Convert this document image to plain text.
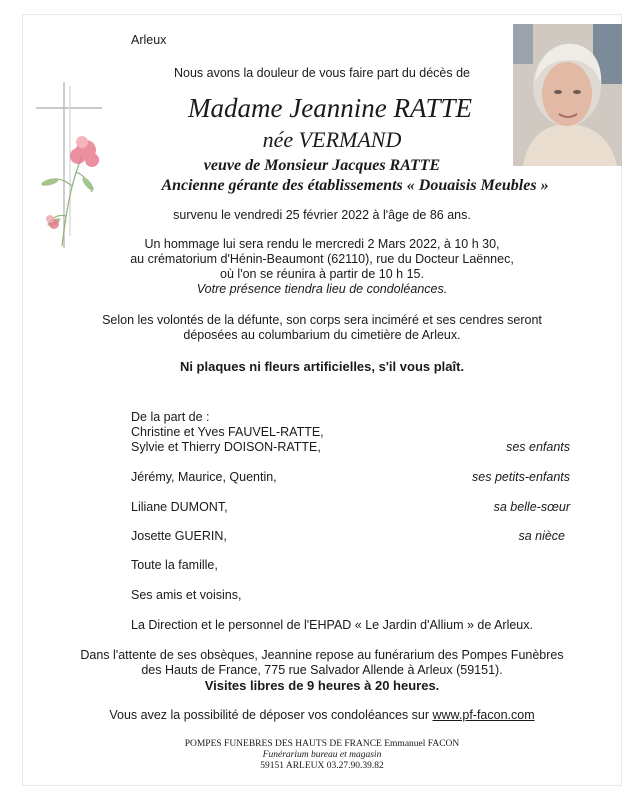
Arleux
Nous avons la douleur de vous faire part du décès de
Madame Jeannine RATTE
née VERMAND
veuve de Monsieur Jacques RATTE
Ancienne gérante des établissements « Douaisis Meubles »
survenu le vendredi 25 février 2022 à l'âge de 86 ans.
Un hommage lui sera rendu le mercredi 2 Mars 2022, à 10 h 30,
au crématorium d'Hénin-Beaumont (62110), rue du Docteur Laënnec,
où l'on se réunira à partir de 10 h 15.
Votre présence tiendra lieu de condoléances.
Selon les volontés de la défunte, son corps sera inciméré et ses cendres seront
déposées au columbarium du cimetière de Arleux.
Ni plaques ni fleurs artificielles, s'il vous plaît.
De la part de :
Christine et Yves FAUVEL-RATTE,
Sylvie et Thierry DOISON-RATTE,	ses enfants
Jérémy, Maurice, Quentin,	ses petits-enfants
Liliane DUMONT,	sa belle-sœur
Josette GUERIN,	sa nièce
Toute la famille,
Ses amis et voisins,
La Direction et le personnel de l'EHPAD « Le Jardin d'Allium » de Arleux.
Dans l'attente de ses obsèques, Jeannine repose au funérarium des Pompes Funèbres
des Hauts de France, 775 rue Salvador Allende à Arleux (59151).
Visites libres de 9 heures à 20 heures.
Vous avez la possibilité de déposer vos condoléances sur www.pf-facon.com
POMPES FUNEBRES DES HAUTS DE FRANCE Emmanuel FACON
Funérarium bureau et magasin
59151 ARLEUX 03.27.90.39.82
